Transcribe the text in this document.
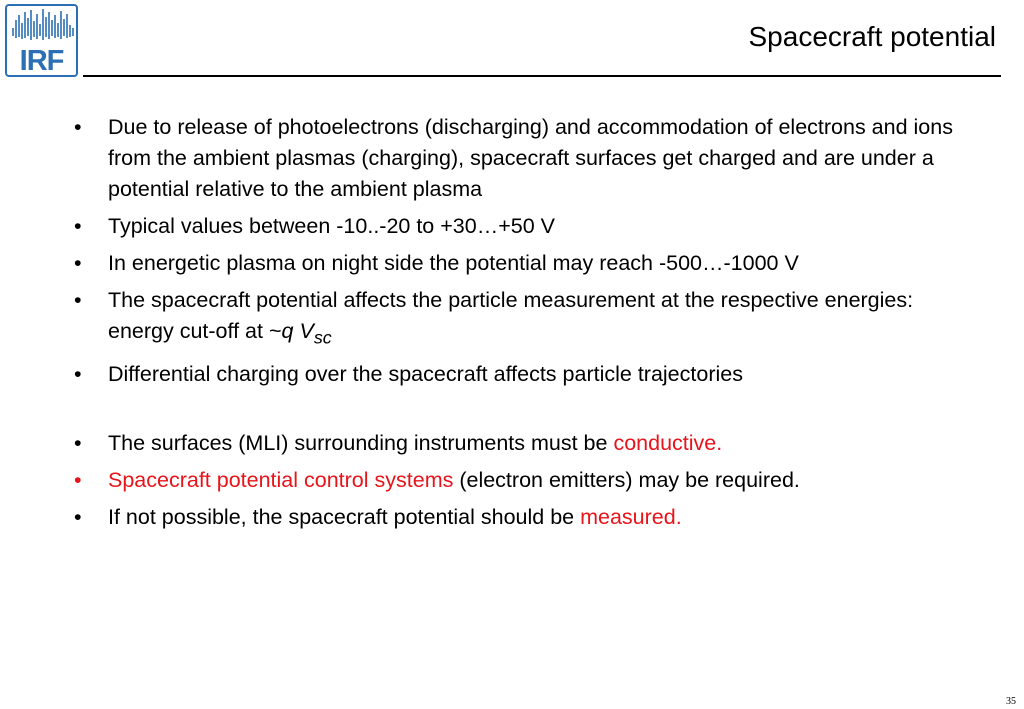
IRF
Spacecraft potential
• Due to release of photoelectrons (discharging) and accommodation of electrons and ions from the ambient plasmas (charging), spacecraft surfaces get charged and are under a potential relative to the ambient plasma
• Typical values between -10..-20 to +30…+50 V
• In energetic plasma on night side the potential may reach -500…-1000 V
• The spacecraft potential affects the particle measurement at the respective energies: energy cut-off at ~q $V_{sc}$
• Differential charging over the spacecraft affects particle trajectories
• The surfaces (MLI) surrounding instruments must be conductive.
• Spacecraft potential control systems (electron emitters) may be required.
• If not possible, the spacecraft potential should be measured.
35
